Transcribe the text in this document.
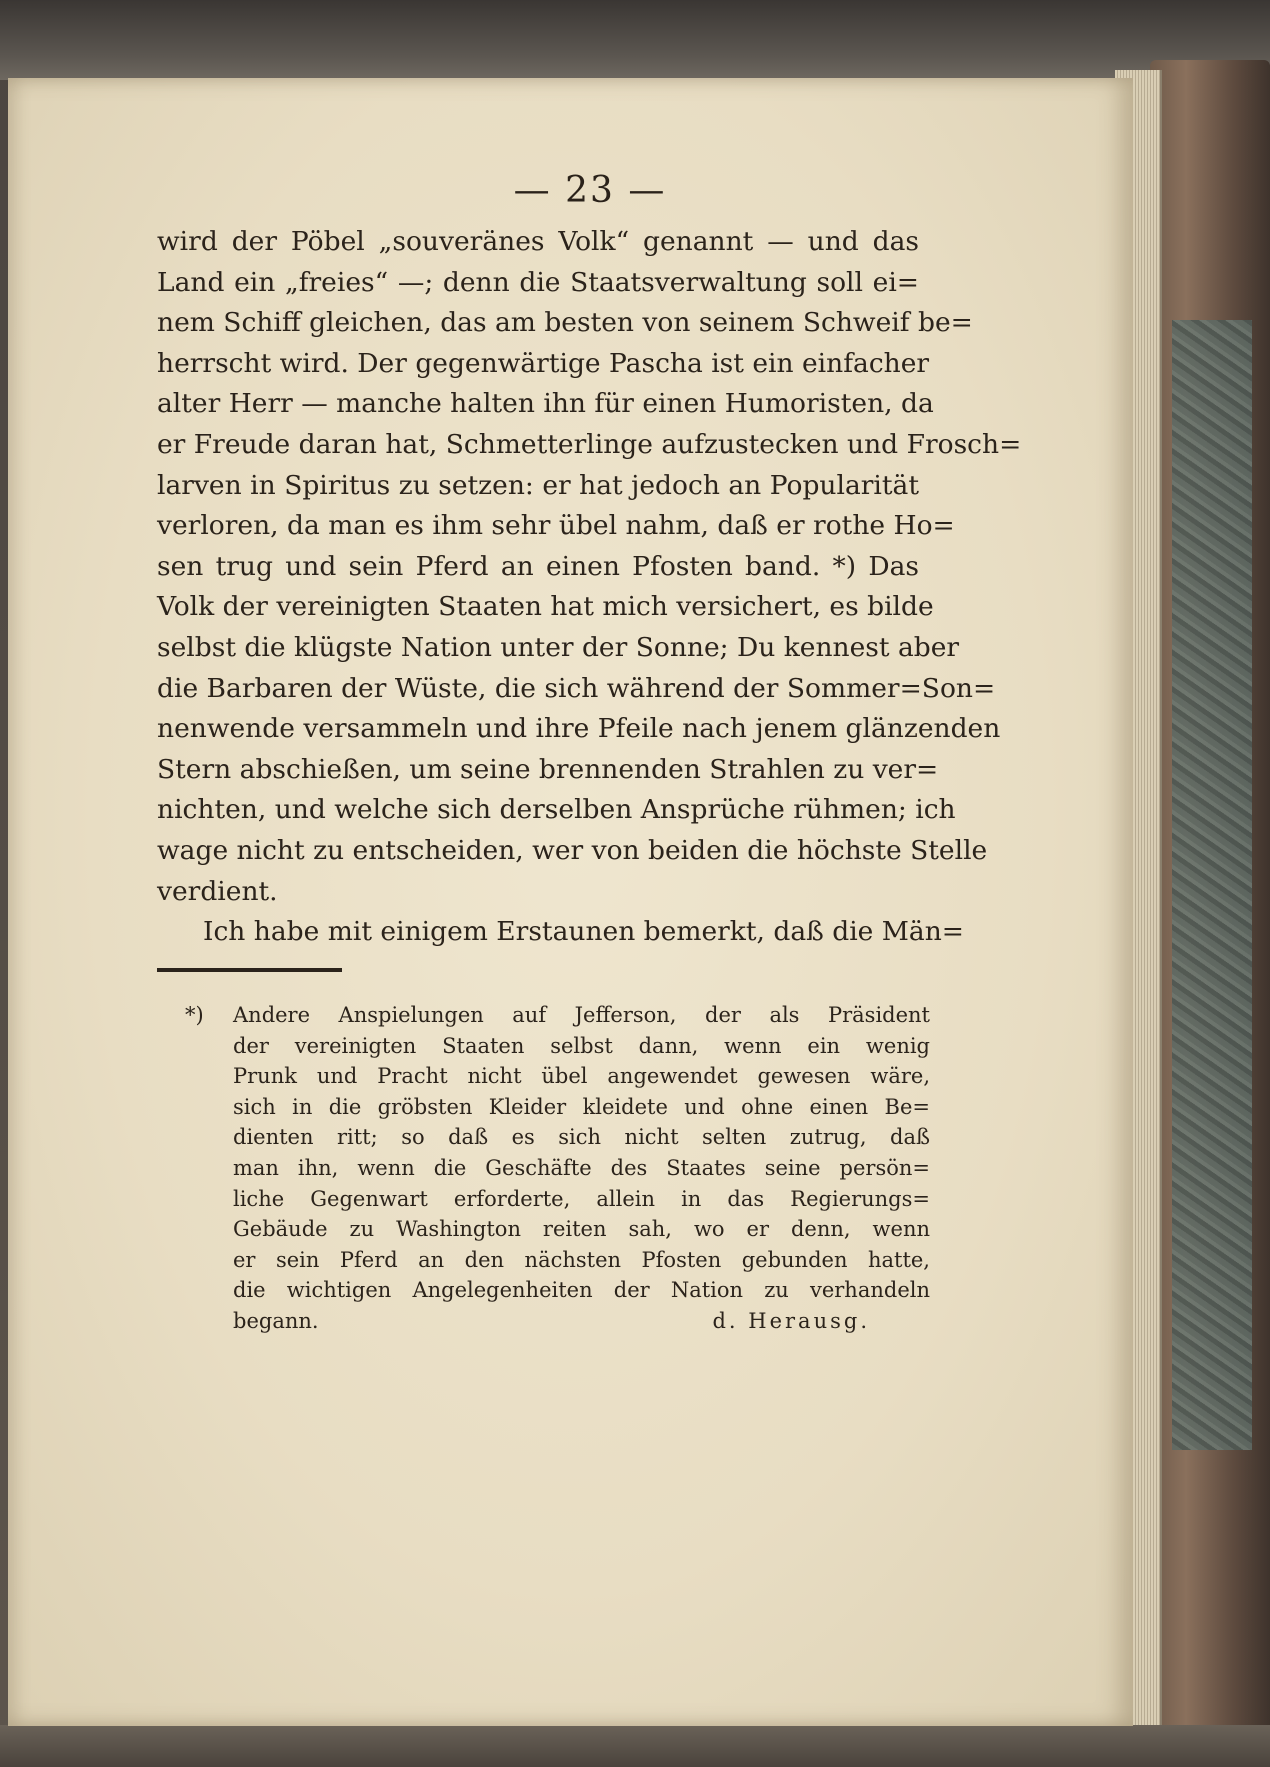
— 23 —
wird der Pöbel „souveränes Volk“ genannt — und das
Land ein „freies“ —; denn die Staatsverwaltung soll ei=
nem Schiff gleichen, das am besten von seinem Schweif be=
herrscht wird. Der gegenwärtige Pascha ist ein einfacher
alter Herr — manche halten ihn für einen Humoristen, da
er Freude daran hat, Schmetterlinge aufzustecken und Frosch=
larven in Spiritus zu setzen: er hat jedoch an Popularität
verloren, da man es ihm sehr übel nahm, daß er rothe Ho=
sen trug und sein Pferd an einen Pfosten band. *) Das
Volk der vereinigten Staaten hat mich versichert, es bilde
selbst die klügste Nation unter der Sonne; Du kennest aber
die Barbaren der Wüste, die sich während der Sommer=Son=
nenwende versammeln und ihre Pfeile nach jenem glänzenden
Stern abschießen, um seine brennenden Strahlen zu ver=
nichten, und welche sich derselben Ansprüche rühmen; ich
wage nicht zu entscheiden, wer von beiden die höchste Stelle
verdient.
Ich habe mit einigem Erstaunen bemerkt, daß die Män=
*) Andere Anspielungen auf Jefferson, der als Präsident
der vereinigten Staaten selbst dann, wenn ein wenig
Prunk und Pracht nicht übel angewendet gewesen wäre,
sich in die gröbsten Kleider kleidete und ohne einen Be=
dienten ritt; so daß es sich nicht selten zutrug, daß
man ihn, wenn die Geschäfte des Staates seine persön=
liche Gegenwart erforderte, allein in das Regierungs=
Gebäude zu Washington reiten sah, wo er denn, wenn
er sein Pferd an den nächsten Pfosten gebunden hatte,
die wichtigen Angelegenheiten der Nation zu verhandeln
begann.	d. Herausg.
